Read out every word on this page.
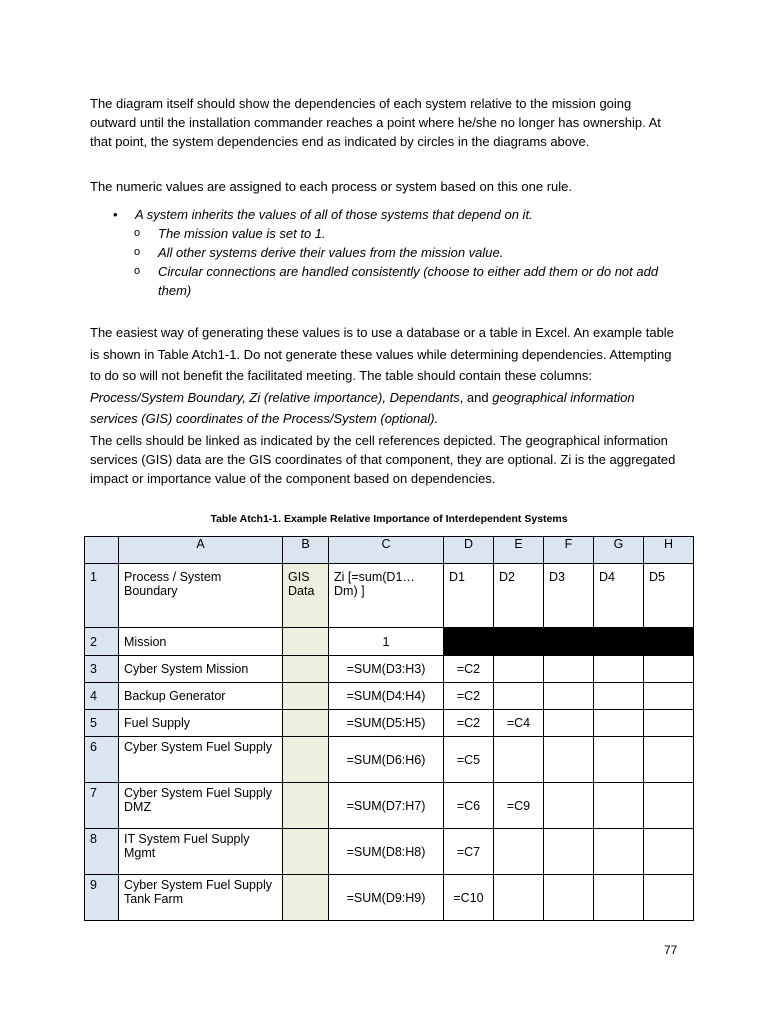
The diagram itself should show the dependencies of each system relative to the mission going outward until the installation commander reaches a point where he/she no longer has ownership. At that point, the system dependencies end as indicated by circles in the diagrams above.

The numeric values are assigned to each process or system based on this one rule.

• A system inherits the values of all of those systems that depend on it.
o The mission value is set to 1.
o All other systems derive their values from the mission value.
o Circular connections are handled consistently (choose to either add them or do not add them)

The easiest way of generating these values is to use a database or a table in Excel. An example table is shown in Table Atch1-1. Do not generate these values while determining dependencies. Attempting to do so will not benefit the facilitated meeting. The table should contain these columns: Process/System Boundary, Zi (relative importance), Dependants, and geographical information services (GIS) coordinates of the Process/System (optional).

The cells should be linked as indicated by the cell references depicted. The geographical information services (GIS) data are the GIS coordinates of that component, they are optional. Zi is the aggregated impact or importance value of the component based on dependencies.

Table Atch1-1. Example Relative Importance of Interdependent Systems
	A	B	C	D	E	F	G	H
1	Process / System Boundary	GIS Data	Zi [=sum(D1…Dm) ]	D1	D2	D3	D4	D5
2	Mission		1					
3	Cyber System Mission		=SUM(D3:H3)	=C2				
4	Backup Generator		=SUM(D4:H4)	=C2				
5	Fuel Supply		=SUM(D5:H5)	=C2	=C4			
6	Cyber System Fuel Supply		=SUM(D6:H6)	=C5				
7	Cyber System Fuel Supply DMZ		=SUM(D7:H7)	=C6	=C9			
8	IT System Fuel Supply Mgmt		=SUM(D8:H8)	=C7				
9	Cyber System Fuel Supply Tank Farm		=SUM(D9:H9)	=C10				
77
